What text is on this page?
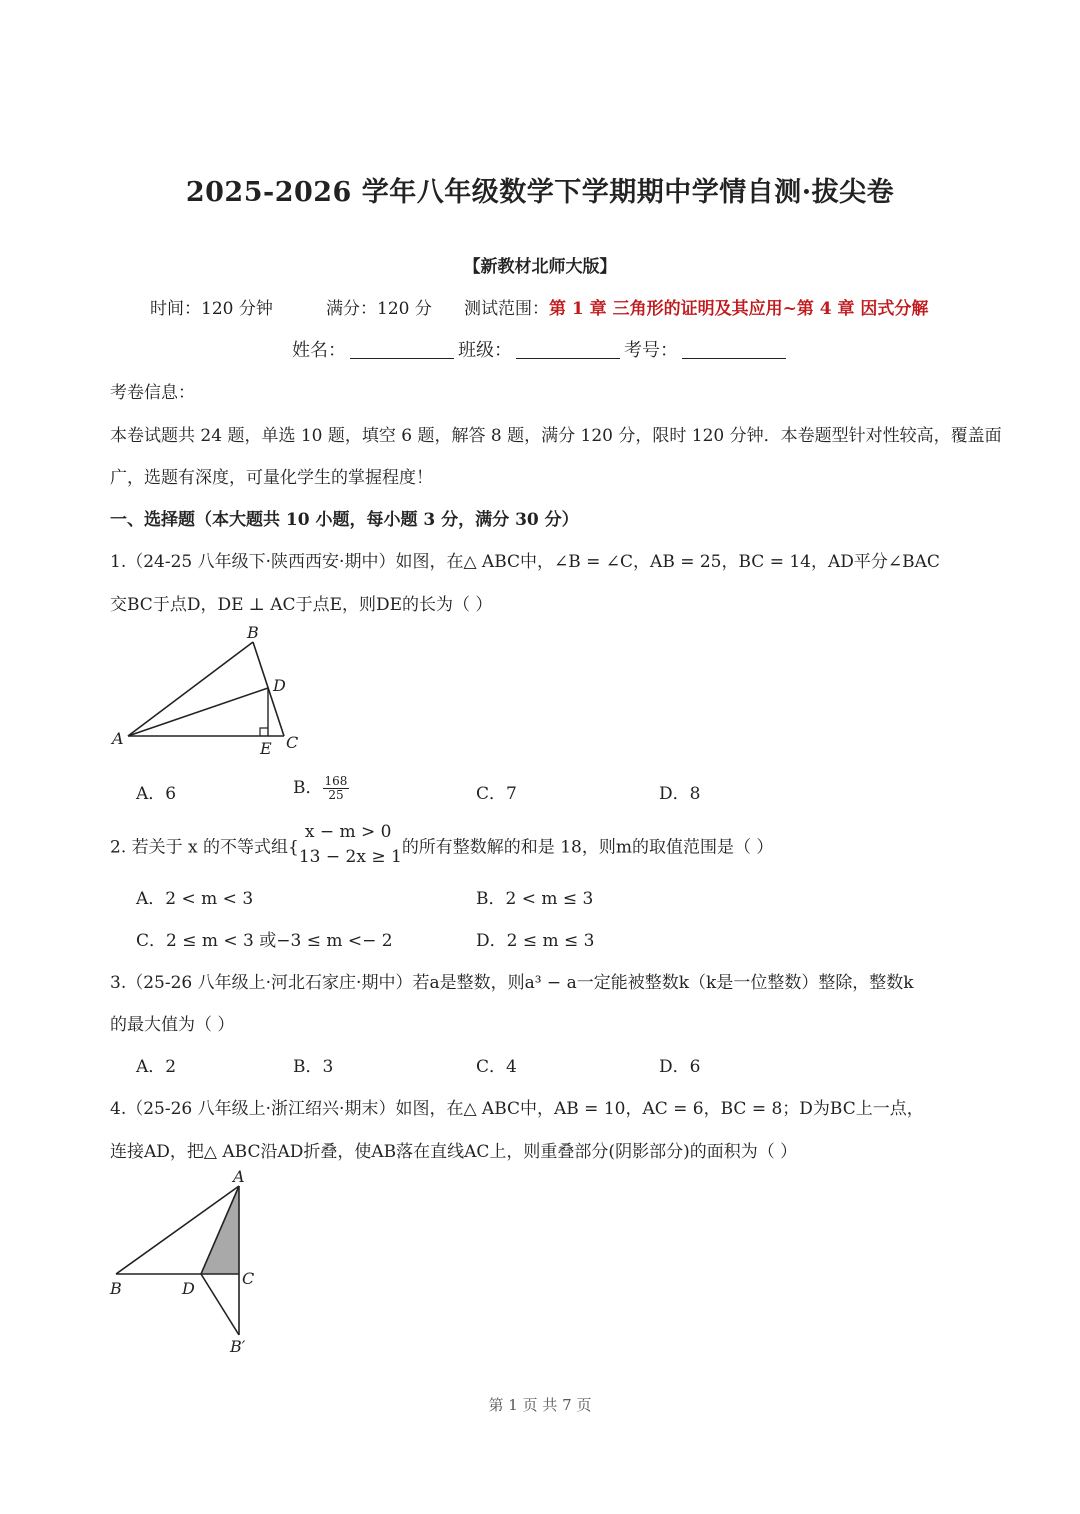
2025-2026 学年八年级数学下学期期中学情自测·拔尖卷
【新教材北师大版】
时间：120 分钟	满分：120 分 测试范围：第 1 章 三角形的证明及其应用~第 4 章 因式分解
姓名：	班级：	考号：
考卷信息：
本卷试题共 24 题，单选 10 题，填空 6 题，解答 8 题，满分 120 分，限时 120 分钟．本卷题型针对性较高，覆盖面
广，选题有深度，可量化学生的掌握程度！
一、选择题（本大题共 10 小题，每小题 3 分，满分 30 分）
1.（24-25 八年级下·陕西西安·期中）如图，在△ ABC中，∠B = ∠C，AB = 25，BC = 14，AD平分∠BAC
交BC于点D，DE ⊥ AC于点E，则DE的长为（ ）
A
B
C
D
E
A．6	B． $\frac{168}{25}$	C．7	D．8
2. 若关于 x 的不等式组{
x − m > 0
13 − 2x ≥ 1 的所有整数解的和是 18，则m的取值范围是（ ）
A．2 < m < 3	B．2 < m ≤ 3
C．2 ≤ m < 3 或−3 ≤ m <− 2	D．2 ≤ m ≤ 3
3.（25-26 八年级上·河北石家庄·期中）若a是整数，则a³ − a一定能被整数k（k是一位整数）整除，整数k
的最大值为（ ）
A．2	B．3	C．4	D．6
4.（25-26 八年级上·浙江绍兴·期末）如图，在△ ABC中，AB = 10，AC = 6，BC = 8；D为BC上一点，
连接AD，把△ ABC沿AD折叠，使AB落在直线AC上，则重叠部分(阴影部分)的面积为（ ）
A
B
C
D
B′
第 1 页 共 7 页
